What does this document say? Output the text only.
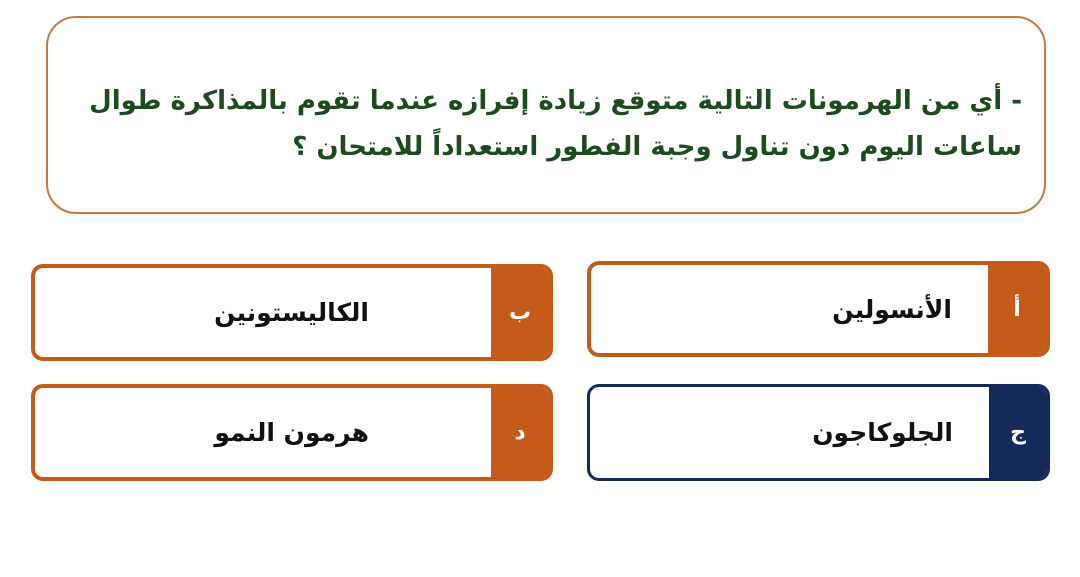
- أي من الهرمونات التالية متوقع زيادة إفرازه عندما تقوم بالمذاكرة طوال
ساعات اليوم دون تناول وجبة الفطور استعداداً للامتحان ؟

أ
الأنسولين
ب
الكاليستونين
ج
الجلوكاجون
د
هرمون النمو
